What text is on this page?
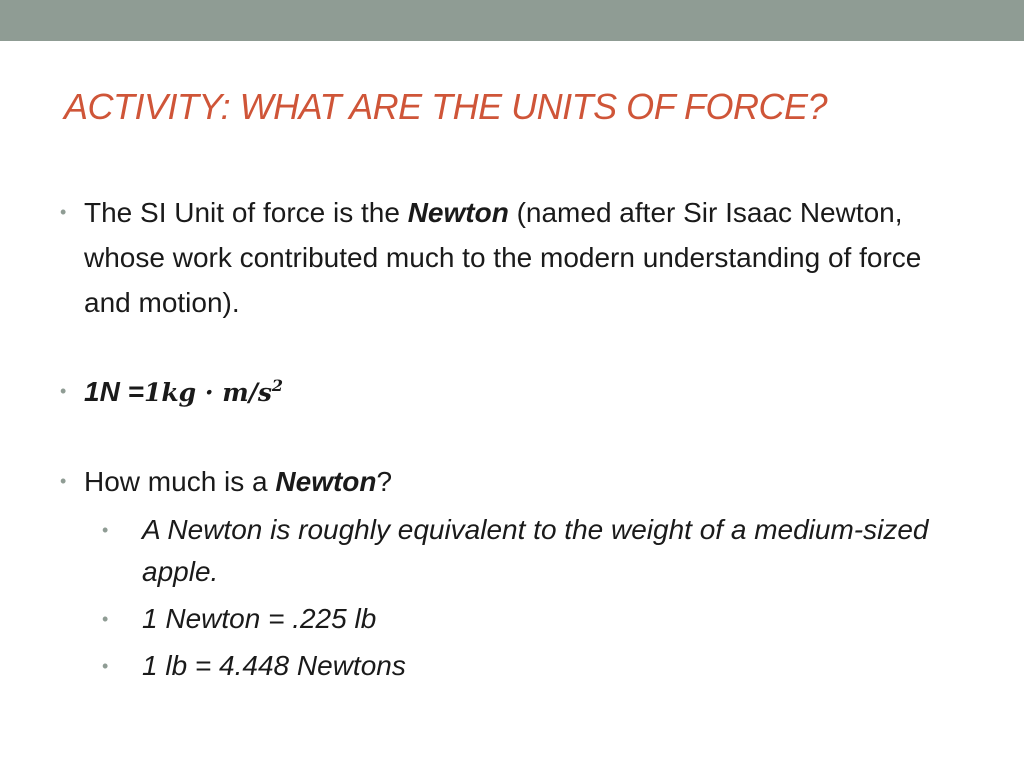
ACTIVITY: WHAT ARE THE UNITS OF FORCE?
• The SI Unit of force is the Newton (named after Sir Isaac Newton, whose work contributed much to the modern understanding of force and motion).
• $1N =1kg \cdot m/s^2$
• How much is a Newton?
• A Newton is roughly equivalent to the weight of a medium-sized apple.
• 1 Newton = .225 lb
• 1 lb = 4.448 Newtons
